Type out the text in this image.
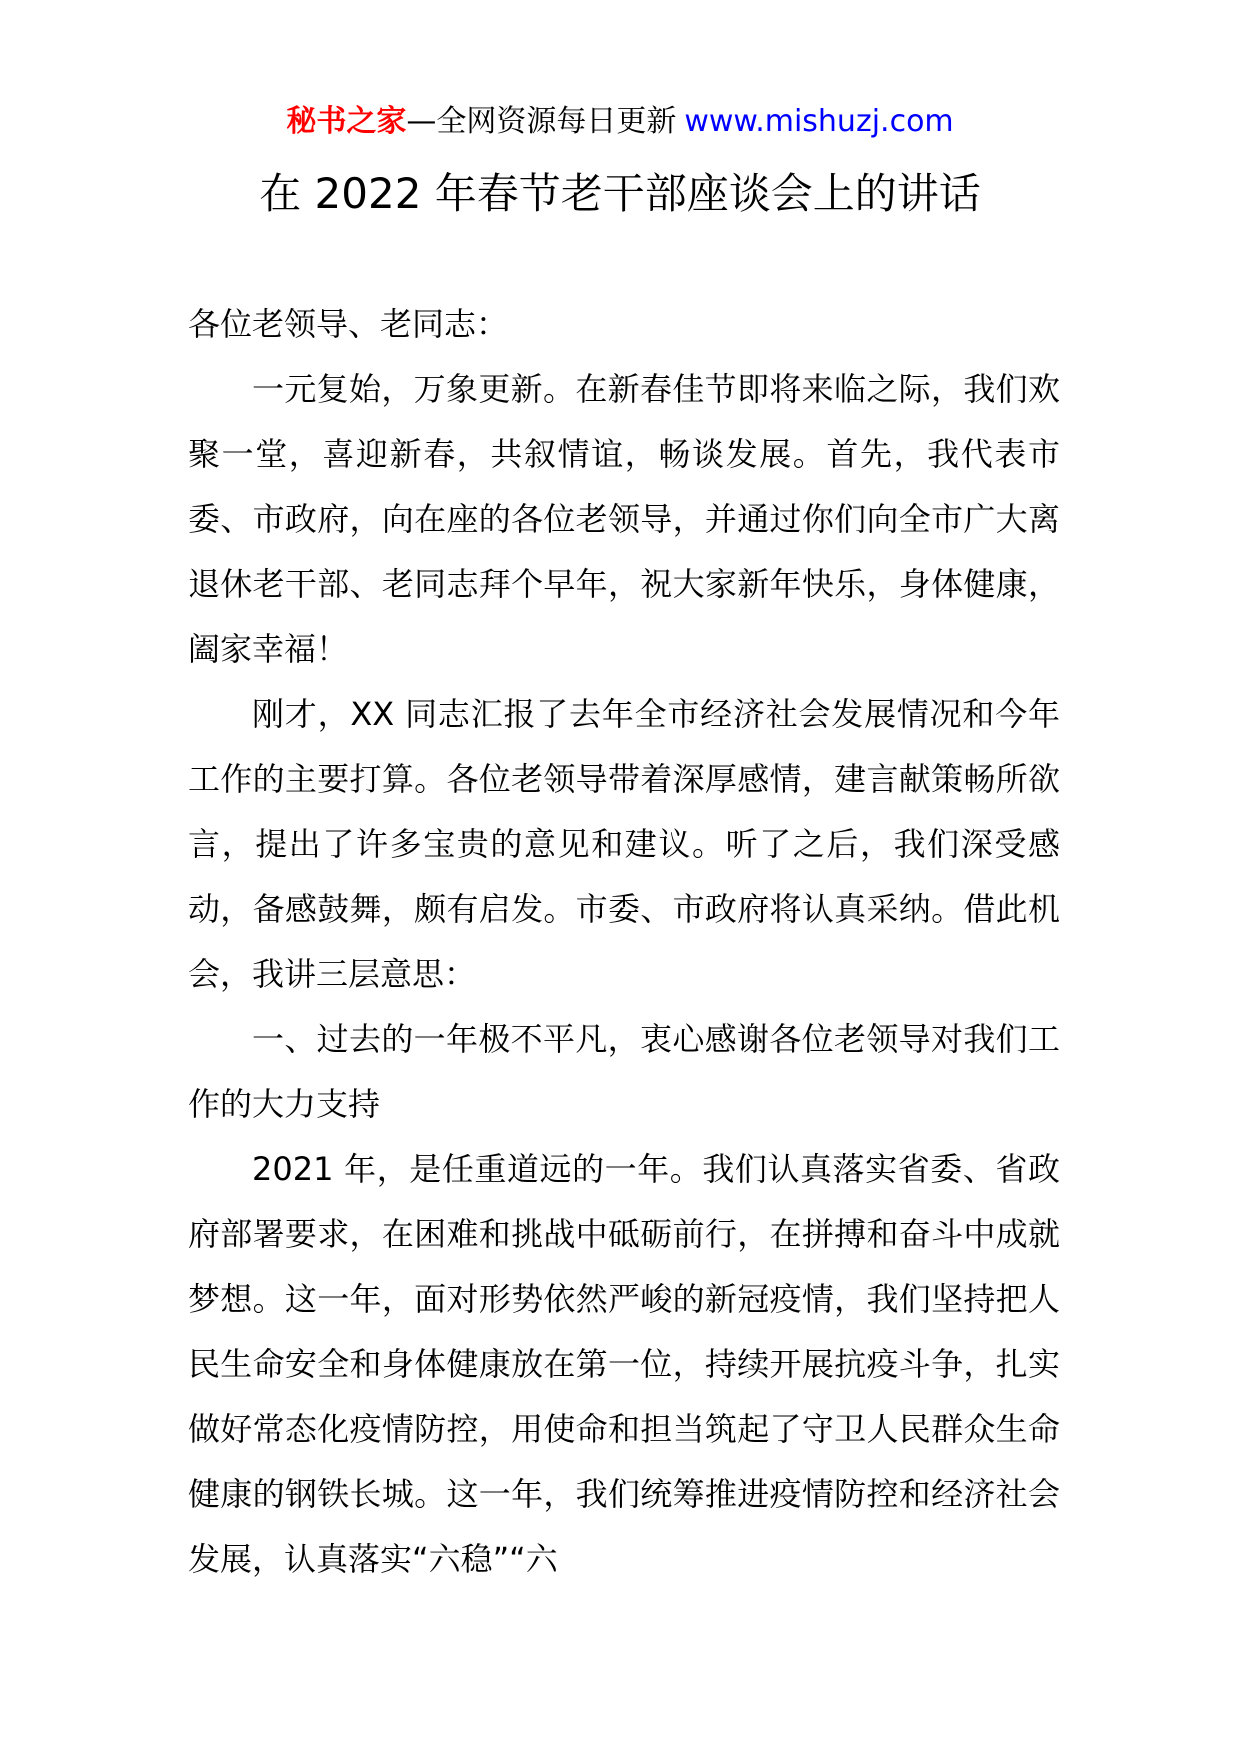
秘书之家—全网资源每日更新 www.mishuzj.com
在 2022 年春节老干部座谈会上的讲话

各位老领导、老同志：

一元复始，万象更新。在新春佳节即将来临之际，我们欢聚一堂，喜迎新春，共叙情谊，畅谈发展。首先，我代表市委、市政府，向在座的各位老领导，并通过你们向全市广大离退休老干部、老同志拜个早年，祝大家新年快乐，身体健康，阖家幸福！

刚才，XX 同志汇报了去年全市经济社会发展情况和今年工作的主要打算。各位老领导带着深厚感情，建言献策畅所欲言，提出了许多宝贵的意见和建议。听了之后，我们深受感动，备感鼓舞，颇有启发。市委、市政府将认真采纳。借此机会，我讲三层意思：

一、过去的一年极不平凡，衷心感谢各位老领导对我们工作的大力支持

2021 年，是任重道远的一年。我们认真落实省委、省政府部署要求，在困难和挑战中砥砺前行，在拼搏和奋斗中成就梦想。这一年，面对形势依然严峻的新冠疫情，我们坚持把人民生命安全和身体健康放在第一位，持续开展抗疫斗争，扎实做好常态化疫情防控，用使命和担当筑起了守卫人民群众生命健康的钢铁长城。这一年，我们统筹推进疫情防控和经济社会发展，认真落实“六稳”“六
